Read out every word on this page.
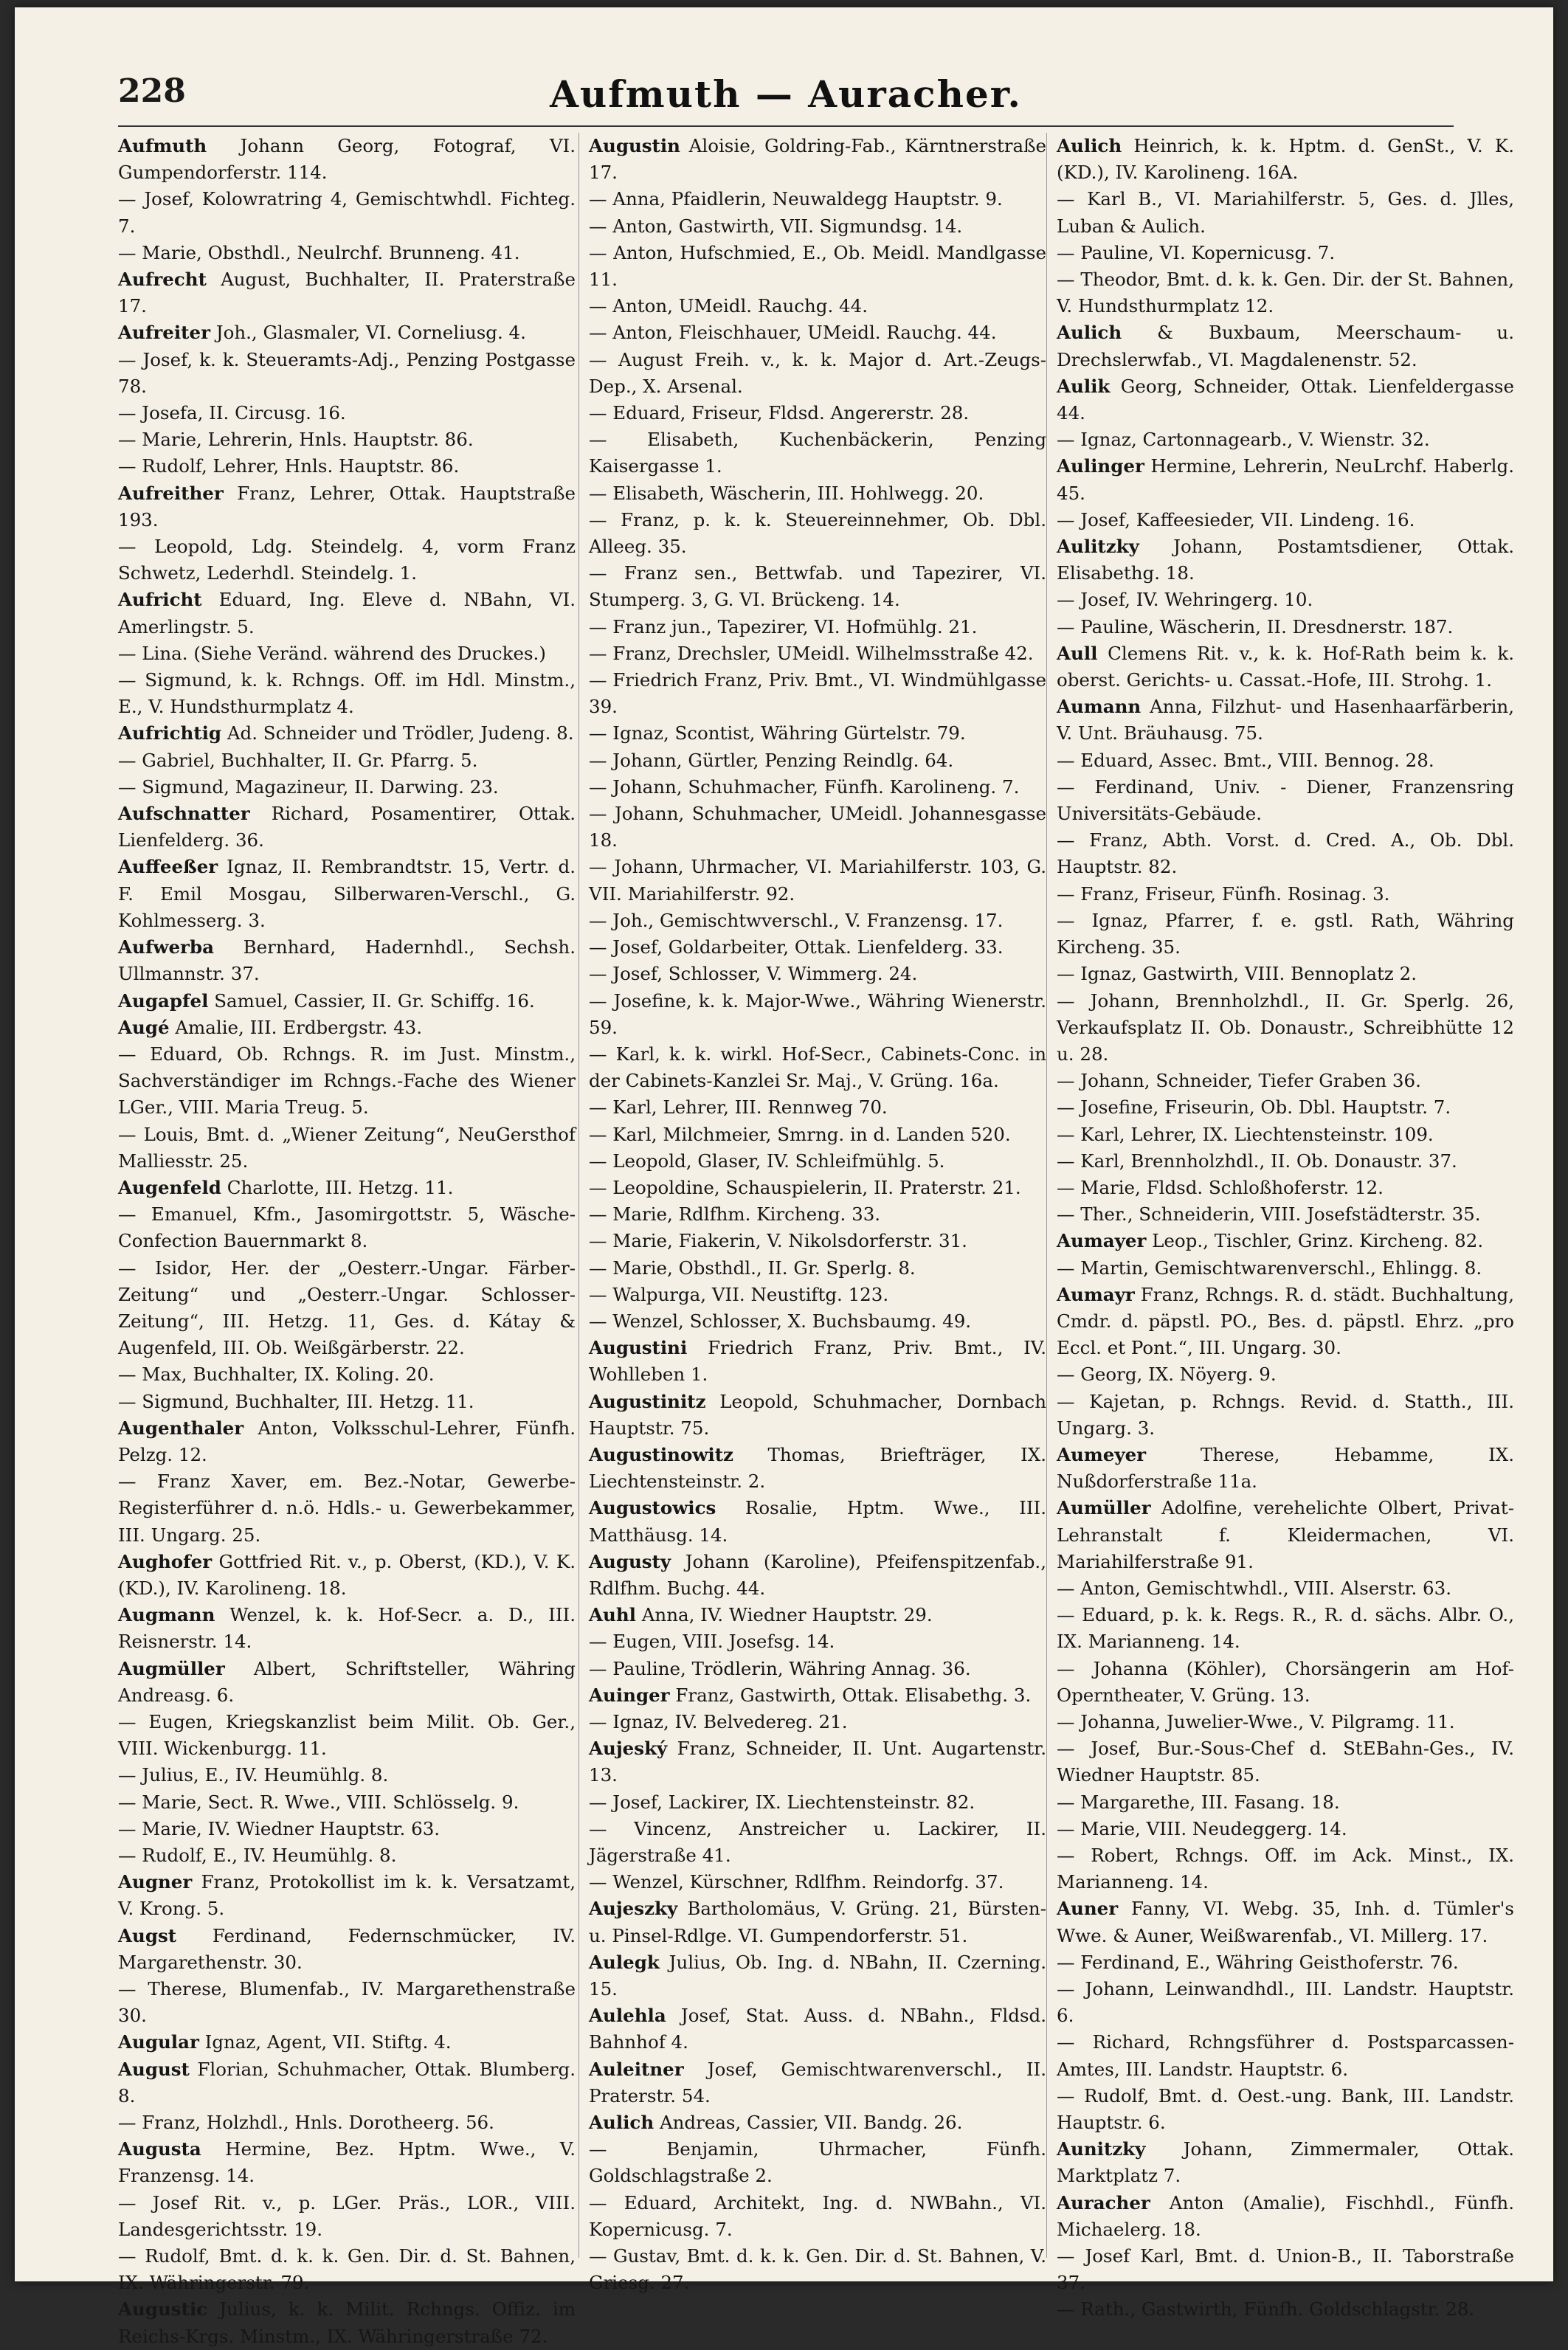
228	Aufmuth — Auracher.

Aufmuth Johann Georg, Fotograf, VI. Gumpendorferstr. 114.

— Josef, Kolowratring 4, Gemischtwhdl. Fichteg. 7.

— Marie, Obsthdl., Neulrchf. Brunneng. 41.

Aufrecht August, Buchhalter, II. Praterstraße 17.

Aufreiter Joh., Glasmaler, VI. Corneliusg. 4.

— Josef, k. k. Steueramts-Adj., Penzing Postgasse 78.

— Josefa, II. Circusg. 16.

— Marie, Lehrerin, Hnls. Hauptstr. 86.

— Rudolf, Lehrer, Hnls. Hauptstr. 86.

Aufreither Franz, Lehrer, Ottak. Hauptstraße 193.

— Leopold, Ldg. Steindelg. 4, vorm Franz Schwetz, Lederhdl. Steindelg. 1.

Aufricht Eduard, Ing. Eleve d. NBahn, VI. Amerlingstr. 5.

— Lina. (Siehe Veränd. während des Druckes.)

— Sigmund, k. k. Rchngs. Off. im Hdl. Minstm., E., V. Hundsthurmplatz 4.

Aufrichtig Ad. Schneider und Trödler, Judeng. 8.

— Gabriel, Buchhalter, II. Gr. Pfarrg. 5.

— Sigmund, Magazineur, II. Darwing. 23.

Aufschnatter Richard, Posamentirer, Ottak. Lienfelderg. 36.

Auffeeßer Ignaz, II. Rembrandtstr. 15, Vertr. d. F. Emil Mosgau, Silberwaren-Verschl., G. Kohlmesserg. 3.

Aufwerba Bernhard, Hadernhdl., Sechsh. Ullmannstr. 37.

Augapfel Samuel, Cassier, II. Gr. Schiffg. 16.

Augé Amalie, III. Erdbergstr. 43.

— Eduard, Ob. Rchngs. R. im Just. Minstm., Sachverständiger im Rchngs.-Fache des Wiener LGer., VIII. Maria Treug. 5.

— Louis, Bmt. d. „Wiener Zeitung“, NeuGersthof Malliesstr. 25.

Augenfeld Charlotte, III. Hetzg. 11.

— Emanuel, Kfm., Jasomirgottstr. 5, Wäsche-Confection Bauernmarkt 8.

— Isidor, Her. der „Oesterr.-Ungar. Färber-Zeitung“ und „Oesterr.-Ungar. Schlosser-Zeitung“, III. Hetzg. 11, Ges. d. Kátay & Augenfeld, III. Ob. Weißgärberstr. 22.

— Max, Buchhalter, IX. Koling. 20.

— Sigmund, Buchhalter, III. Hetzg. 11.

Augenthaler Anton, Volksschul-Lehrer, Fünfh. Pelzg. 12.

— Franz Xaver, em. Bez.-Notar, Gewerbe-Registerführer d. n.ö. Hdls.- u. Gewerbekammer, III. Ungarg. 25.

Aughofer Gottfried Rit. v., p. Oberst, (KD.), V. K. (KD.), IV. Karolineng. 18.

Augmann Wenzel, k. k. Hof-Secr. a. D., III. Reisnerstr. 14.

Augmüller Albert, Schriftsteller, Währing Andreasg. 6.

— Eugen, Kriegskanzlist beim Milit. Ob. Ger., VIII. Wickenburgg. 11.

— Julius, E., IV. Heumühlg. 8.

— Marie, Sect. R. Wwe., VIII. Schlösselg. 9.

— Marie, IV. Wiedner Hauptstr. 63.

— Rudolf, E., IV. Heumühlg. 8.

Augner Franz, Protokollist im k. k. Versatzamt, V. Krong. 5.

Augst Ferdinand, Federnschmücker, IV. Margarethenstr. 30.

— Therese, Blumenfab., IV. Margarethenstraße 30.

Augular Ignaz, Agent, VII. Stiftg. 4.

August Florian, Schuhmacher, Ottak. Blumberg. 8.

— Franz, Holzhdl., Hnls. Dorotheerg. 56.

Augusta Hermine, Bez. Hptm. Wwe., V. Franzensg. 14.

— Josef Rit. v., p. LGer. Präs., LOR., VIII. Landesgerichtsstr. 19.

— Rudolf, Bmt. d. k. k. Gen. Dir. d. St. Bahnen, IX. Währingerstr. 79.

Augustic Julius, k. k. Milit. Rchngs. Offiz. im Reichs-Krgs. Minstm., IX. Währingerstraße 72.

Augustin Aloisie, Goldring-Fab., Kärntnerstraße 17.

— Anna, Pfaidlerin, Neuwaldegg Hauptstr. 9.

— Anton, Gastwirth, VII. Sigmundsg. 14.

— Anton, Hufschmied, E., Ob. Meidl. Mandlgasse 11.

— Anton, UMeidl. Rauchg. 44.

— Anton, Fleischhauer, UMeidl. Rauchg. 44.

— August Freih. v., k. k. Major d. Art.-Zeugs-Dep., X. Arsenal.

— Eduard, Friseur, Fldsd. Angererstr. 28.

— Elisabeth, Kuchenbäckerin, Penzing Kaisergasse 1.

— Elisabeth, Wäscherin, III. Hohlwegg. 20.

— Franz, p. k. k. Steuereinnehmer, Ob. Dbl. Alleeg. 35.

— Franz sen., Bettwfab. und Tapezirer, VI. Stumperg. 3, G. VI. Brückeng. 14.

— Franz jun., Tapezirer, VI. Hofmühlg. 21.

— Franz, Drechsler, UMeidl. Wilhelmsstraße 42.

— Friedrich Franz, Priv. Bmt., VI. Windmühlgasse 39.

— Ignaz, Scontist, Währing Gürtelstr. 79.

— Johann, Gürtler, Penzing Reindlg. 64.

— Johann, Schuhmacher, Fünfh. Karolineng. 7.

— Johann, Schuhmacher, UMeidl. Johannesgasse 18.

— Johann, Uhrmacher, VI. Mariahilferstr. 103, G. VII. Mariahilferstr. 92.

— Joh., Gemischtwverschl., V. Franzensg. 17.

— Josef, Goldarbeiter, Ottak. Lienfelderg. 33.

— Josef, Schlosser, V. Wimmerg. 24.

— Josefine, k. k. Major-Wwe., Währing Wienerstr. 59.

— Karl, k. k. wirkl. Hof-Secr., Cabinets-Conc. in der Cabinets-Kanzlei Sr. Maj., V. Grüng. 16a.

— Karl, Lehrer, III. Rennweg 70.

— Karl, Milchmeier, Smrng. in d. Landen 520.

— Leopold, Glaser, IV. Schleifmühlg. 5.

— Leopoldine, Schauspielerin, II. Praterstr. 21.

— Marie, Rdlfhm. Kircheng. 33.

— Marie, Fiakerin, V. Nikolsdorferstr. 31.

— Marie, Obsthdl., II. Gr. Sperlg. 8.

— Walpurga, VII. Neustiftg. 123.

— Wenzel, Schlosser, X. Buchsbaumg. 49.

Augustini Friedrich Franz, Priv. Bmt., IV. Wohlleben 1.

Augustinitz Leopold, Schuhmacher, Dornbach Hauptstr. 75.

Augustinowitz Thomas, Briefträger, IX. Liechtensteinstr. 2.

Augustowics Rosalie, Hptm. Wwe., III. Matthäusg. 14.

Augusty Johann (Karoline), Pfeifenspitzenfab., Rdlfhm. Buchg. 44.

Auhl Anna, IV. Wiedner Hauptstr. 29.

— Eugen, VIII. Josefsg. 14.

— Pauline, Trödlerin, Währing Annag. 36.

Auinger Franz, Gastwirth, Ottak. Elisabethg. 3.

— Ignaz, IV. Belvedereg. 21.

Aujeský Franz, Schneider, II. Unt. Augartenstr. 13.

— Josef, Lackirer, IX. Liechtensteinstr. 82.

— Vincenz, Anstreicher u. Lackirer, II. Jägerstraße 41.

— Wenzel, Kürschner, Rdlfhm. Reindorfg. 37.

Aujeszky Bartholomäus, V. Grüng. 21, Bürsten- u. Pinsel-Rdlge. VI. Gumpendorferstr. 51.

Aulegk Julius, Ob. Ing. d. NBahn, II. Czerning. 15.

Aulehla Josef, Stat. Auss. d. NBahn., Fldsd. Bahnhof 4.

Auleitner Josef, Gemischtwarenverschl., II. Praterstr. 54.

Aulich Andreas, Cassier, VII. Bandg. 26.

— Benjamin, Uhrmacher, Fünfh. Goldschlagstraße 2.

— Eduard, Architekt, Ing. d. NWBahn., VI. Kopernicusg. 7.

— Gustav, Bmt. d. k. k. Gen. Dir. d. St. Bahnen, V. Griesg. 27.

Aulich Heinrich, k. k. Hptm. d. GenSt., V. K. (KD.), IV. Karolineng. 16A.

— Karl B., VI. Mariahilferstr. 5, Ges. d. Jlles, Luban & Aulich.

— Pauline, VI. Kopernicusg. 7.

— Theodor, Bmt. d. k. k. Gen. Dir. der St. Bahnen, V. Hundsthurmplatz 12.

Aulich & Buxbaum, Meerschaum- u. Drechslerwfab., VI. Magdalenenstr. 52.

Aulik Georg, Schneider, Ottak. Lienfeldergasse 44.

— Ignaz, Cartonnagearb., V. Wienstr. 32.

Aulinger Hermine, Lehrerin, NeuLrchf. Haberlg. 45.

— Josef, Kaffeesieder, VII. Lindeng. 16.

Aulitzky Johann, Postamtsdiener, Ottak. Elisabethg. 18.

— Josef, IV. Wehringerg. 10.

— Pauline, Wäscherin, II. Dresdnerstr. 187.

Aull Clemens Rit. v., k. k. Hof-Rath beim k. k. oberst. Gerichts- u. Cassat.-Hofe, III. Strohg. 1.

Aumann Anna, Filzhut- und Hasenhaarfärberin, V. Unt. Bräuhausg. 75.

— Eduard, Assec. Bmt., VIII. Bennog. 28.

— Ferdinand, Univ. - Diener, Franzensring Universitäts-Gebäude.

— Franz, Abth. Vorst. d. Cred. A., Ob. Dbl. Hauptstr. 82.

— Franz, Friseur, Fünfh. Rosinag. 3.

— Ignaz, Pfarrer, f. e. gstl. Rath, Währing Kircheng. 35.

— Ignaz, Gastwirth, VIII. Bennoplatz 2.

— Johann, Brennholzhdl., II. Gr. Sperlg. 26, Verkaufsplatz II. Ob. Donaustr., Schreibhütte 12 u. 28.

— Johann, Schneider, Tiefer Graben 36.

— Josefine, Friseurin, Ob. Dbl. Hauptstr. 7.

— Karl, Lehrer, IX. Liechtensteinstr. 109.

— Karl, Brennholzhdl., II. Ob. Donaustr. 37.

— Marie, Fldsd. Schloßhoferstr. 12.

— Ther., Schneiderin, VIII. Josefstädterstr. 35.

Aumayer Leop., Tischler, Grinz. Kircheng. 82.

— Martin, Gemischtwarenverschl., Ehlingg. 8.

Aumayr Franz, Rchngs. R. d. städt. Buchhaltung, Cmdr. d. päpstl. PO., Bes. d. päpstl. Ehrz. „pro Eccl. et Pont.“, III. Ungarg. 30.

— Georg, IX. Nöyerg. 9.

— Kajetan, p. Rchngs. Revid. d. Statth., III. Ungarg. 3.

Aumeyer Therese, Hebamme, IX. Nußdorferstraße 11a.

Aumüller Adolfine, verehelichte Olbert, Privat-Lehranstalt f. Kleidermachen, VI. Mariahilferstraße 91.

— Anton, Gemischtwhdl., VIII. Alserstr. 63.

— Eduard, p. k. k. Regs. R., R. d. sächs. Albr. O., IX. Marianneng. 14.

— Johanna (Köhler), Chorsängerin am Hof-Operntheater, V. Grüng. 13.

— Johanna, Juwelier-Wwe., V. Pilgramg. 11.

— Josef, Bur.-Sous-Chef d. StEBahn-Ges., IV. Wiedner Hauptstr. 85.

— Margarethe, III. Fasang. 18.

— Marie, VIII. Neudeggerg. 14.

— Robert, Rchngs. Off. im Ack. Minst., IX. Marianneng. 14.

Auner Fanny, VI. Webg. 35, Inh. d. Tümler's Wwe. & Auner, Weißwarenfab., VI. Millerg. 17.

— Ferdinand, E., Währing Geisthoferstr. 76.

— Johann, Leinwandhdl., III. Landstr. Hauptstr. 6.

— Richard, Rchngsführer d. Postsparcassen-Amtes, III. Landstr. Hauptstr. 6.

— Rudolf, Bmt. d. Oest.-ung. Bank, III. Landstr. Hauptstr. 6.

Aunitzky Johann, Zimmermaler, Ottak. Marktplatz 7.

Auracher Anton (Amalie), Fischhdl., Fünfh. Michaelerg. 18.

— Josef Karl, Bmt. d. Union-B., II. Taborstraße 37.

— Rath., Gastwirth, Fünfh. Goldschlagstr. 28.
